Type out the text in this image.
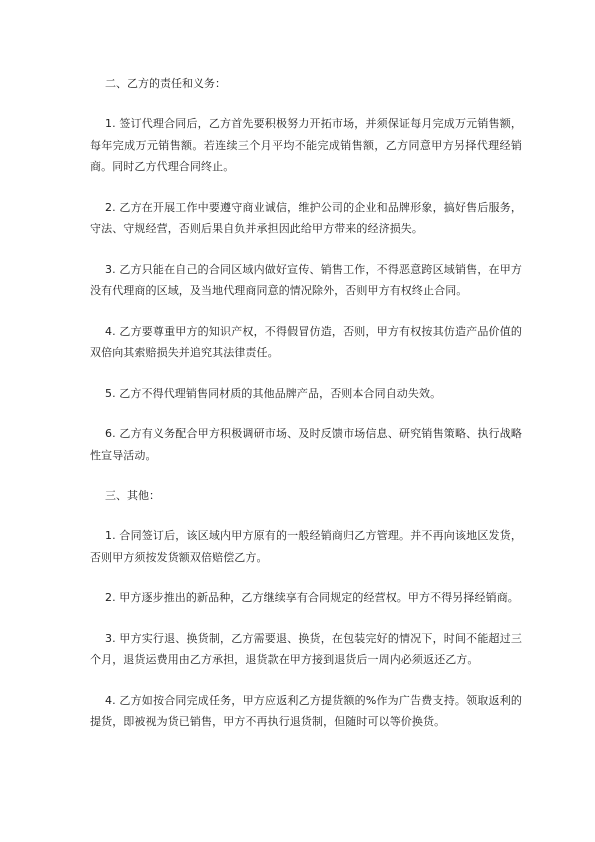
二、乙方的责任和义务：

1. 签订代理合同后，乙方首先要积极努力开拓市场，并须保证每月完成万元销售额，每年完成万元销售额。若连续三个月平均不能完成销售额，乙方同意甲方另择代理经销商。同时乙方代理合同终止。

2. 乙方在开展工作中要遵守商业诚信，维护公司的企业和品牌形象，搞好售后服务，守法、守规经营，否则后果自负并承担因此给甲方带来的经济损失。

3. 乙方只能在自己的合同区域内做好宣传、销售工作，不得恶意跨区域销售，在甲方没有代理商的区域，及当地代理商同意的情况除外，否则甲方有权终止合同。

4. 乙方要尊重甲方的知识产权，不得假冒仿造，否则，甲方有权按其仿造产品价值的双倍向其索赔损失并追究其法律责任。

5. 乙方不得代理销售同材质的其他品牌产品，否则本合同自动失效。

6. 乙方有义务配合甲方积极调研市场、及时反馈市场信息、研究销售策略、执行战略性宣导活动。

三、其他：

1. 合同签订后，该区域内甲方原有的一般经销商归乙方管理。并不再向该地区发货，否则甲方须按发货额双倍赔偿乙方。

2. 甲方逐步推出的新品种，乙方继续享有合同规定的经营权。甲方不得另择经销商。

3. 甲方实行退、换货制，乙方需要退、换货，在包装完好的情况下，时间不能超过三个月，退货运费用由乙方承担，退货款在甲方接到退货后一周内必须返还乙方。

4. 乙方如按合同完成任务，甲方应返利乙方提货额的%作为广告费支持。领取返利的提货，即被视为货已销售，甲方不再执行退货制，但随时可以等价换货。
